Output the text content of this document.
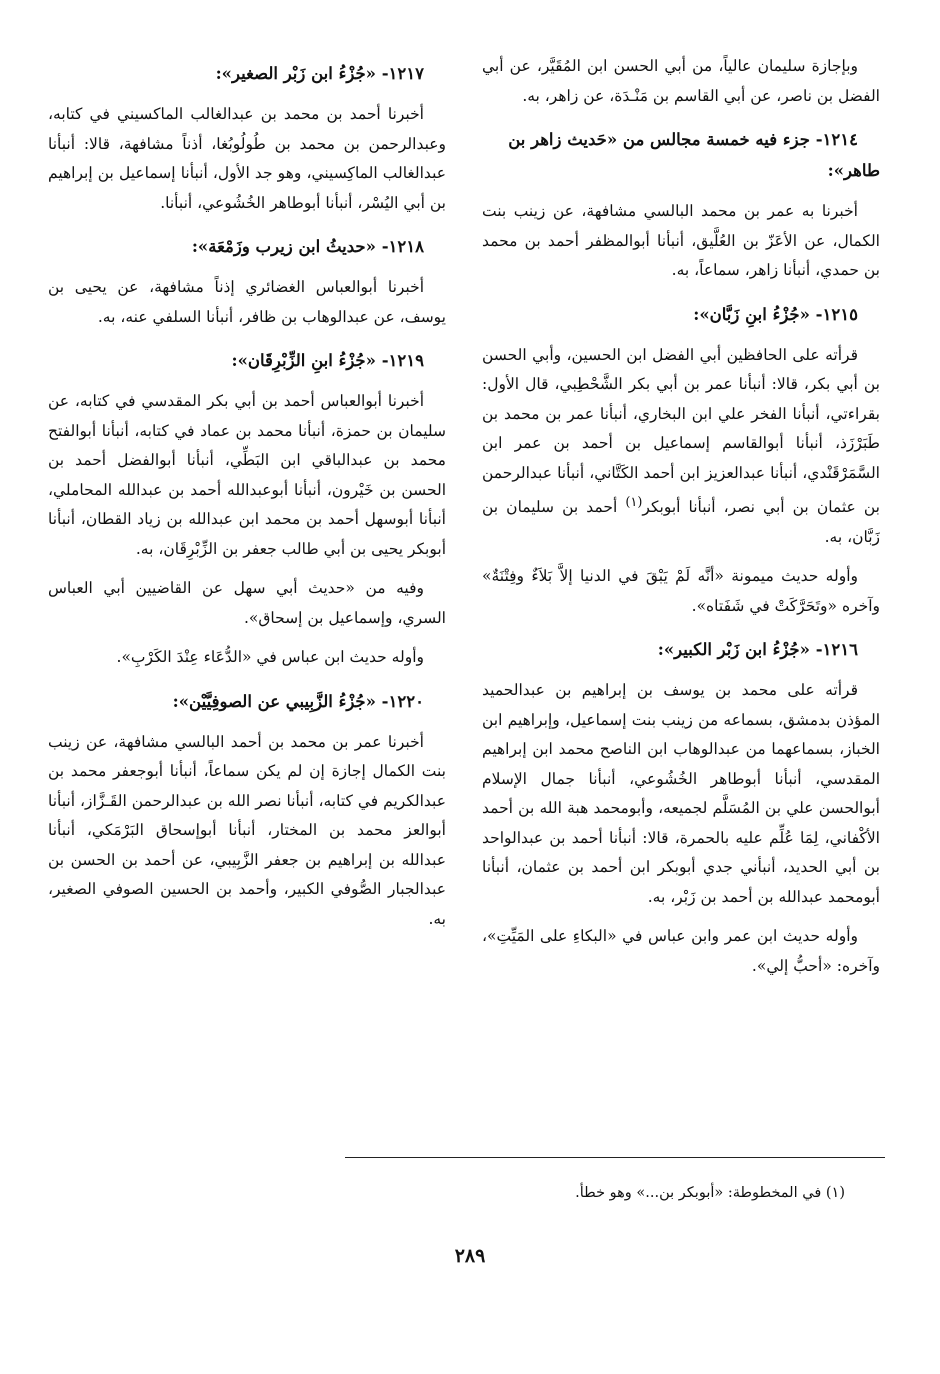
وبإجازة سليمان عالياً، من أبي الحسن ابن المُقَيَّر، عن أبي الفضل بن ناصر، عن أبي القاسم بن مَنْـدَة، عن زاهر، به.

١٢١٤- جزء فيه خمسة مجالس من «حَديث زاهر بن طاهر»:

أخبرنا به عمر بن محمد البالسي مشافهة، عن زينب بنت الكمال، عن الأعَزّ بن العُلَّيق، أنبأنا أبوالمظفر أحمد بن محمد بن حمدي، أنبأنا زاهر، سماعاً، به.

١٢١٥- «جُزْءُ ابنِ زَبَّان»:

قرأته على الحافظين أبي الفضل ابن الحسين، وأبي الحسن بن أبي بكر، قالا: أنبأنا عمر بن أبي بكر الشَّحْطِبي، قال الأول: بقراءتي، أنبأنا الفخر علي ابن البخاري، أنبأنا عمر بن محمد بن طَبَرْزَذ، أنبأنا أبوالقاسم إسماعيل بن أحمد بن عمر ابن السَّمَرْقَنْدي، أنبأنا عبدالعزيز ابن أحمد الكَتَّاني، أنبأنا عبدالرحمن بن عثمان بن أبي نصر، أنبأنا أبوبكر$^{(١)}$ أحمد بن سليمان بن زَبَّان، به.

وأوله حديث ميمونة «أنَّه لَمْ يَبْقَ في الدنيا إلاَّ بَلاَءٌ وفِتْنَةٌ» وآخره «وتَحَرَّكَتْ في شَفَتاه».

١٢١٦- «جُزْءُ ابن زَبْر الكبير»:

قرأته على محمد بن يوسف بن إبراهيم بن عبدالحميد المؤذن بدمشق، بسماعه من زينب بنت إسماعيل، وإبراهيم ابن الخباز، بسماعهما من عبدالوهاب ابن الناصح محمد ابن إبراهيم المقدسي، أنبأنا أبوطاهر الخُشُوعي، أنبأنا جمال الإسلام أبوالحسن علي بن المُسَلَّم لجميعه، وأبومحمد هبة الله بن أحمد الأكْفاني، لِمَا عُلِّم عليه بالحمرة، قالا: أنبأنا أحمد بن عبدالواحد بن أبي الحديد، أنبأني جدي أبوبكر ابن أحمد بن عثمان، أنبأنا أبومحمد عبدالله بن أحمد بن زَبْر، به.

وأوله حديث ابن عمر وابن عباس في «البكاءِ على المَيِّتِ»، وآخره: «أحبُّ إلي».

١٢١٧- «جُزْءُ ابن زَبْر الصغير»:

أخبرنا أحمد بن محمد بن عبدالغالب الماكسيني في كتابه، وعبدالرحمن بن محمد بن طُولُوبُغا، أذناً مشافهة، قالا: أنبأنا عبدالغالب الماكِسيني، وهو جد الأول، أنبأنا إسماعيل بن إبراهيم بن أبي اليُسْر، أنبأنا أبوطاهر الخُشُوعي، أنبأنا.

١٢١٨- «حديثُ ابن زيرب وزَمْعَة»:

أخبرنا أبوالعباس الغضائري إذناً مشافهة، عن يحيى بن يوسف، عن عبدالوهاب بن ظافر، أنبأنا السلفي عنه، به.

١٢١٩- «جُزْءُ ابنِ الزِّبْرِقَان»:

أخبرنا أبوالعباس أحمد بن أبي بكر المقدسي في كتابه، عن سليمان بن حمزة، أنبأنا محمد بن عماد في كتابه، أنبأنا أبوالفتح محمد بن عبدالباقي ابن البَطِّي، أنبأنا أبوالفضل أحمد بن الحسن بن خَيْرون، أنبأنا أبوعبدالله أحمد بن عبدالله المحاملي، أنبأنا أبوسهل أحمد بن محمد ابن عبدالله بن زياد القطان، أنبأنا أبوبكر يحيى بن أبي طالب جعفر بن الزِّبْرِقَان، به.

وفيه من «حديث أبي سهل عن القاضيين أبي العباس السري، وإسماعيل بن إسحاق».

وأوله حديث ابن عباس في «الدُّعَاء عِنْدَ الكَرْبِ».

١٢٢٠- «جُزْءُ الزَّبِيبي عن الصوفِيَّيْن»:

أخبرنا عمر بن محمد بن أحمد البالسي مشافهة، عن زينب بنت الكمال إجازة إن لم يكن سماعاً، أنبأنا أبوجعفر محمد بن عبدالكريم في كتابه، أنبأنا نصر الله بن عبدالرحمن القَـزَّاز، أنبأنا أبوالعز محمد بن المختار، أنبأنا أبوإسحاق البَرْمَكي، أنبأنا عبدالله بن إبراهيم بن جعفر الزَّبِيبي، عن أحمد بن الحسن بن عبدالجبار الصُّوفي الكبير، وأحمد بن الحسين الصوفي الصغير، به.

(١) في المخطوطة: «أبوبكر بن...» وهو خطأ.
٢٨٩
